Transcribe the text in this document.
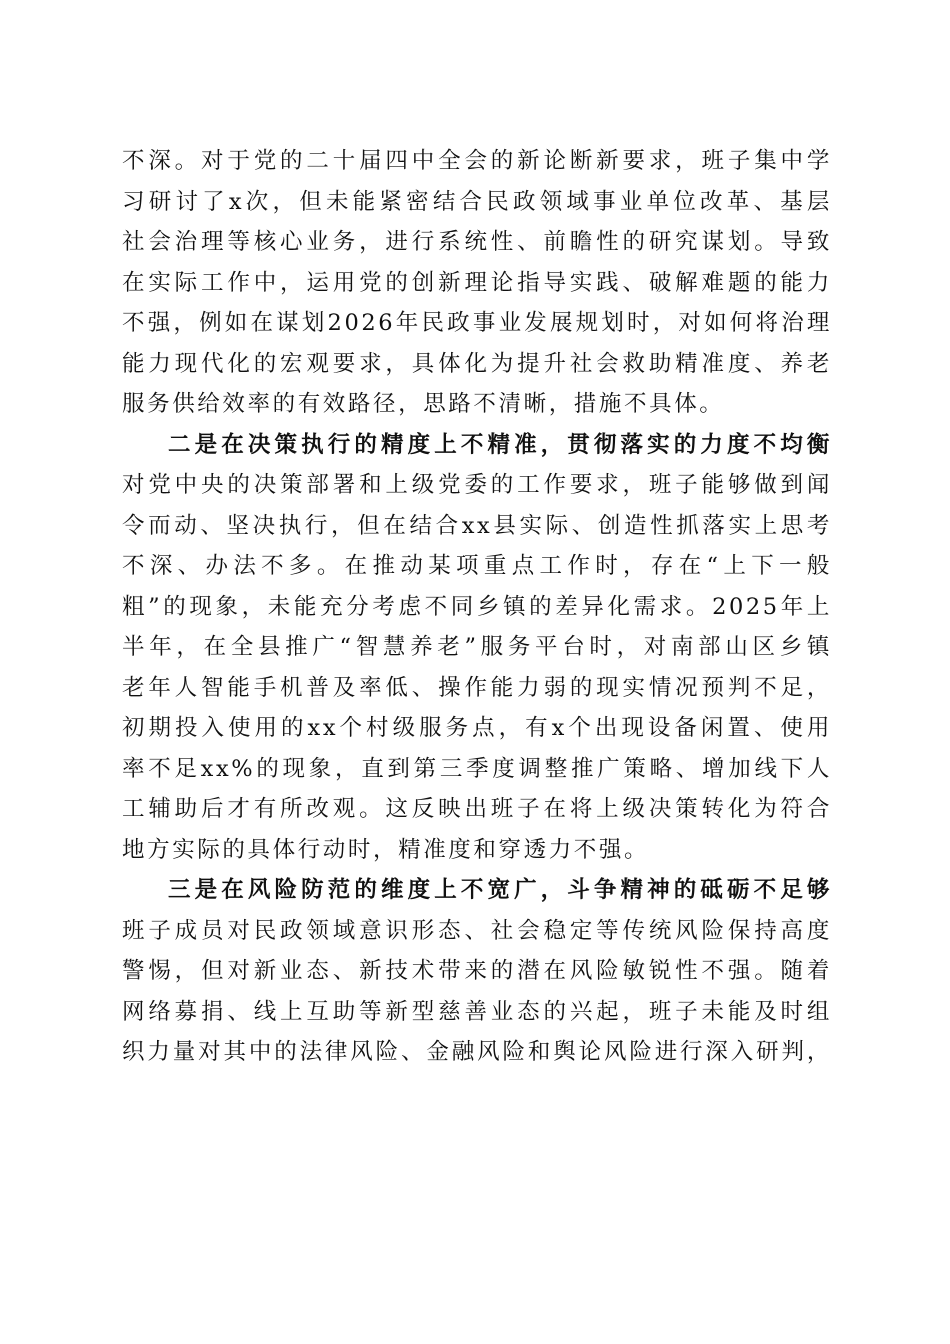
不深。对于党的二十届四中全会的新论断新要求，班子集中学
习研讨了x次，但未能紧密结合民政领域事业单位改革、基层
社会治理等核心业务，进行系统性、前瞻性的研究谋划。导致
在实际工作中，运用党的创新理论指导实践、破解难题的能力
不强，例如在谋划2026年民政事业发展规划时，对如何将治理
能力现代化的宏观要求，具体化为提升社会救助精准度、养老
服务供给效率的有效路径，思路不清晰，措施不具体。
二是在决策执行的精度上不精准，贯彻落实的力度不均衡
对党中央的决策部署和上级党委的工作要求，班子能够做到闻
令而动、坚决执行，但在结合xx县实际、创造性抓落实上思考
不深、办法不多。在推动某项重点工作时，存在“上下一般
粗”的现象，未能充分考虑不同乡镇的差异化需求。2025年上
半年，在全县推广“智慧养老”服务平台时，对南部山区乡镇
老年人智能手机普及率低、操作能力弱的现实情况预判不足，
初期投入使用的xx个村级服务点，有x个出现设备闲置、使用
率不足xx%的现象，直到第三季度调整推广策略、增加线下人
工辅助后才有所改观。这反映出班子在将上级决策转化为符合
地方实际的具体行动时，精准度和穿透力不强。
三是在风险防范的维度上不宽广，斗争精神的砥砺不足够
班子成员对民政领域意识形态、社会稳定等传统风险保持高度
警惕，但对新业态、新技术带来的潜在风险敏锐性不强。随着
网络募捐、线上互助等新型慈善业态的兴起，班子未能及时组
织力量对其中的法律风险、金融风险和舆论风险进行深入研判，
